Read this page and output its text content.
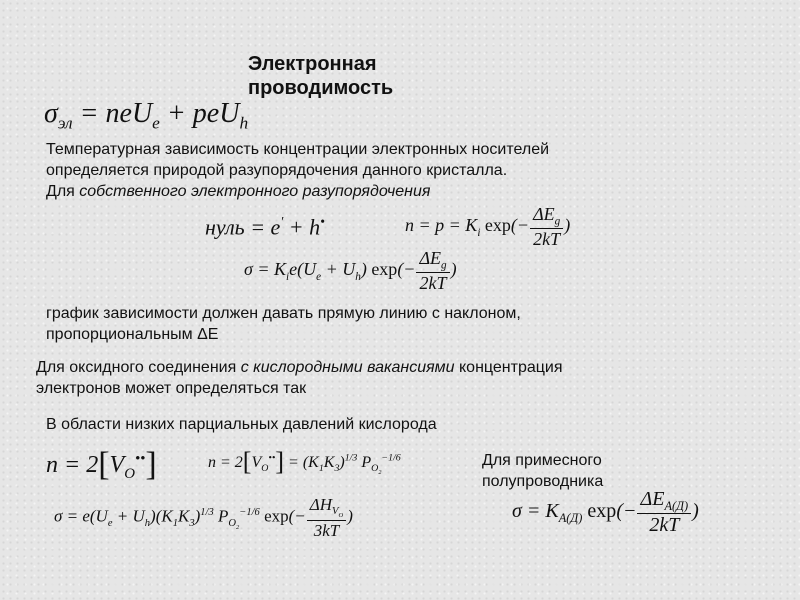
Электронная
проводимость
$\sigma_{эл} = neU_e + peU_h$
Температурная зависимость концентрации электронных носителей
определяется природой разупорядочения данного кристалла.
Для собственного электронного разупорядочения
нуль = e′ + h•	$n = p = K_i$ $\exp(- \frac{\Delta E_g}{2kT}$ )
$\sigma = K_ie(U_e + U_h)$ $\exp(- \frac{\Delta E_g}{2kT}$ )
график зависимости должен давать прямую линию с наклоном,
пропорциональным ΔE
Для оксидного соединения с кислородными вакансиями концентрация
электронов может определяться так
В области низких парциальных давлений кислорода
$n = 2[V_O^{••}]$	$n = 2[V_O^{••}] = (K_1K_3)^{1/3}$ $P_{O_2}^{-1/6}$	Для примесного
полупроводника
$\sigma = e(U_e + U_h)(K_1K_3)^{1/3}$ $P_{O_2}^{-1/6}$ $\exp(- \frac{\Delta H_{V_O}}{3kT}$ )	$\sigma = K_{A(Д)}$ $\exp(- \frac{\Delta E_{A(Д)}}{2kT}$ )
